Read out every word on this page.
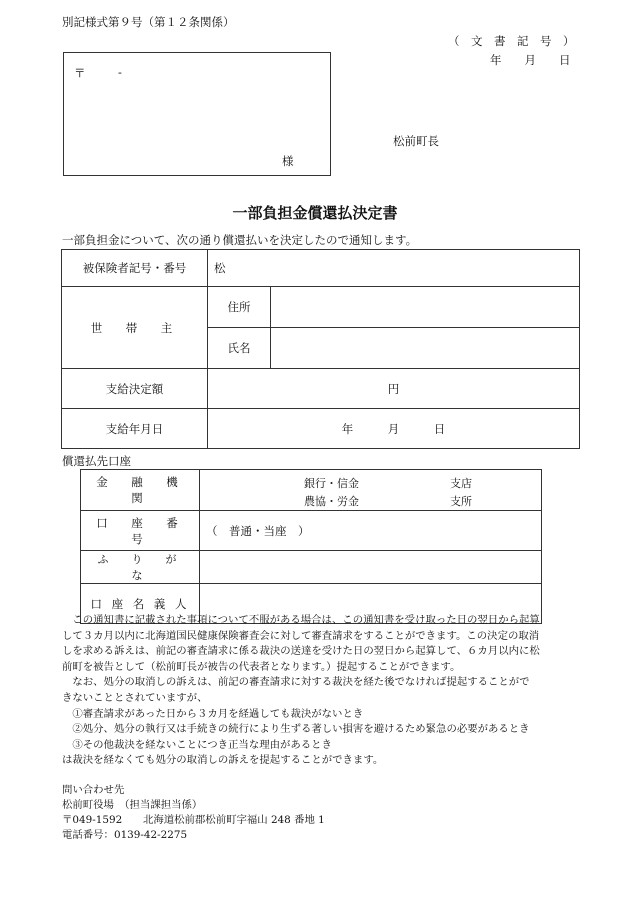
別記様式第９号（第１２条関係）
（　文　書　記　号　）
年　　月　　日
〒	-
様
松前町長
一部負担金償還払決定書
一部負担金について、次の通り償還払いを決定したので通知します。
被保険者記号・番号	松	
世　帯　主	住所	
	氏名	
支給決定額	円	
支給年月日	年　　　月　　　日	
償還払先口座
金　融　機　関	銀行・信金 支店
農協・労金 支所

口　座　番　号	（　普通・当座　）
ふ　り　が　な	
口 座 名 義 人	

　この通知書に記載された事項について不服がある場合は、この通知書を受け取った日の翌日から起算

して３カ月以内に北海道国民健康保険審査会に対して審査請求をすることができます。この決定の取消

しを求める訴えは、前記の審査請求に係る裁決の送達を受けた日の翌日から起算して、６カ月以内に松

前町を被告として（松前町長が被告の代表者となります。）提起することができます。

　なお、処分の取消しの訴えは、前記の審査請求に対する裁決を経た後でなければ提起することがで

きないこととされていますが、

　①審査請求があった日から３カ月を経過しても裁決がないとき

　②処分、処分の執行又は手続きの続行により生ずる著しい損害を避けるため緊急の必要があるとき

　③その他裁決を経ないことにつき正当な理由があるとき

は裁決を経なくても処分の取消しの訴えを提起することができます。

問い合わせ先

松前町役場　（担当課担当係）

〒049-1592　　北海道松前郡松前町字福山 248 番地 1

電話番号：0139-42-2275
